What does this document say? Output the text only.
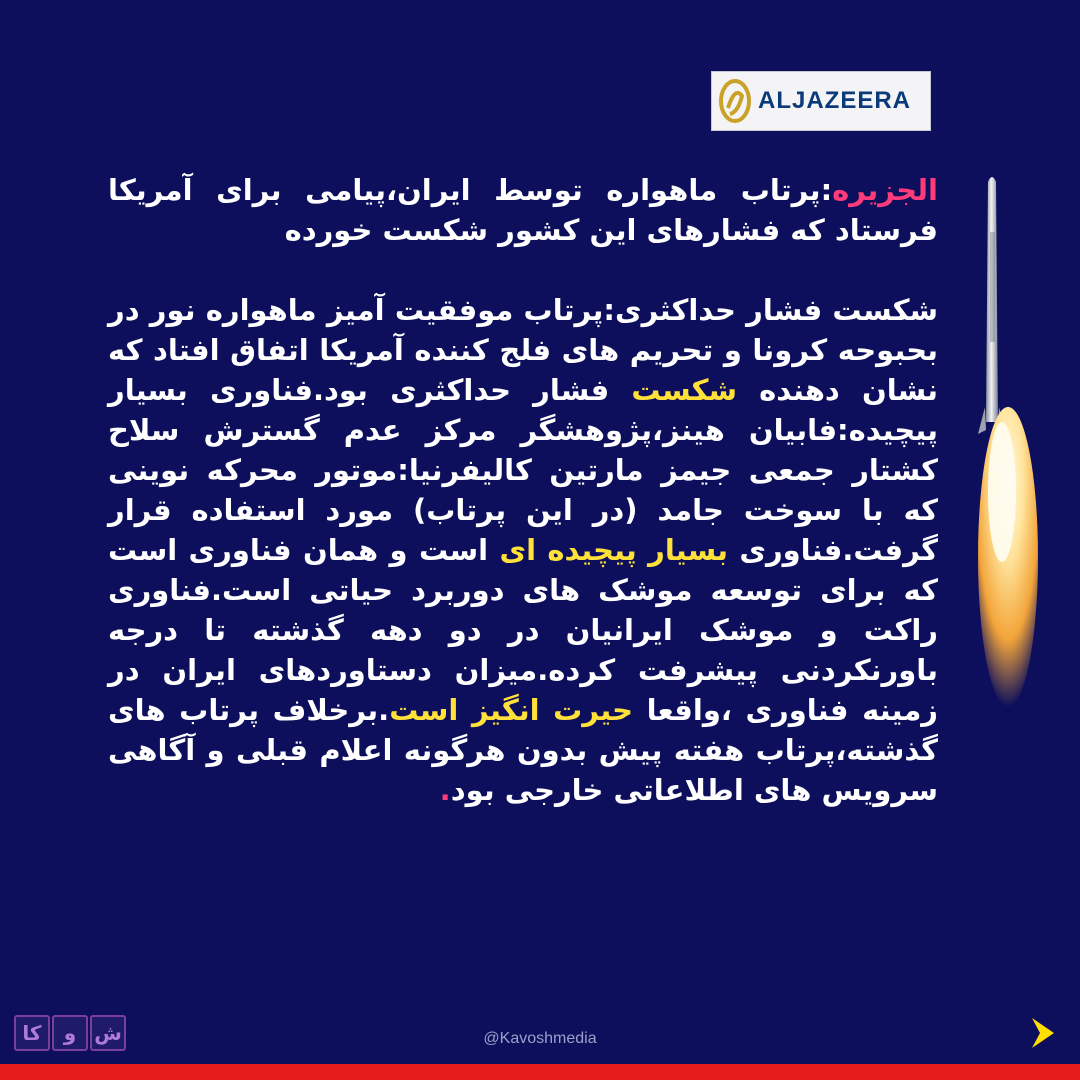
ALJAZEERA

الجزیره:پرتاب ماهواره توسط ایران،پیامی برای آمریکا فرستاد که فشارهای این کشور شکست خورده

شکست فشار حداکثری:پرتاب موفقیت آمیز ماهواره نور در بحبوحه کرونا و تحریم های فلج کننده آمریکا اتفاق افتاد که نشان دهنده شکست فشار حداکثری بود.فناوری بسیار پیچیده:فابیان هینز،پژوهشگر مرکز عدم گسترش سلاح کشتار جمعی جیمز مارتین کالیفرنیا:موتور محرکه نوینی که با سوخت جامد (در این پرتاب) مورد استفاده قرار گرفت.فناوری بسیار پیچیده ای است و همان فناوری است که برای توسعه موشک های دوربرد حیاتی است.فناوری راکت و موشک ایرانیان در دو دهه گذشته تا درجه باورنکردنی پیشرفت کرده.میزان دستاوردهای ایران در زمینه فناوری ،واقعا حیرت انگیز است.برخلاف پرتاب های گذشته،پرتاب هفته پیش بدون هرگونه اعلام قبلی و آگاهی سرویس های اطلاعاتی خارجی بود.

کا	و ش	@Kavoshmedia
